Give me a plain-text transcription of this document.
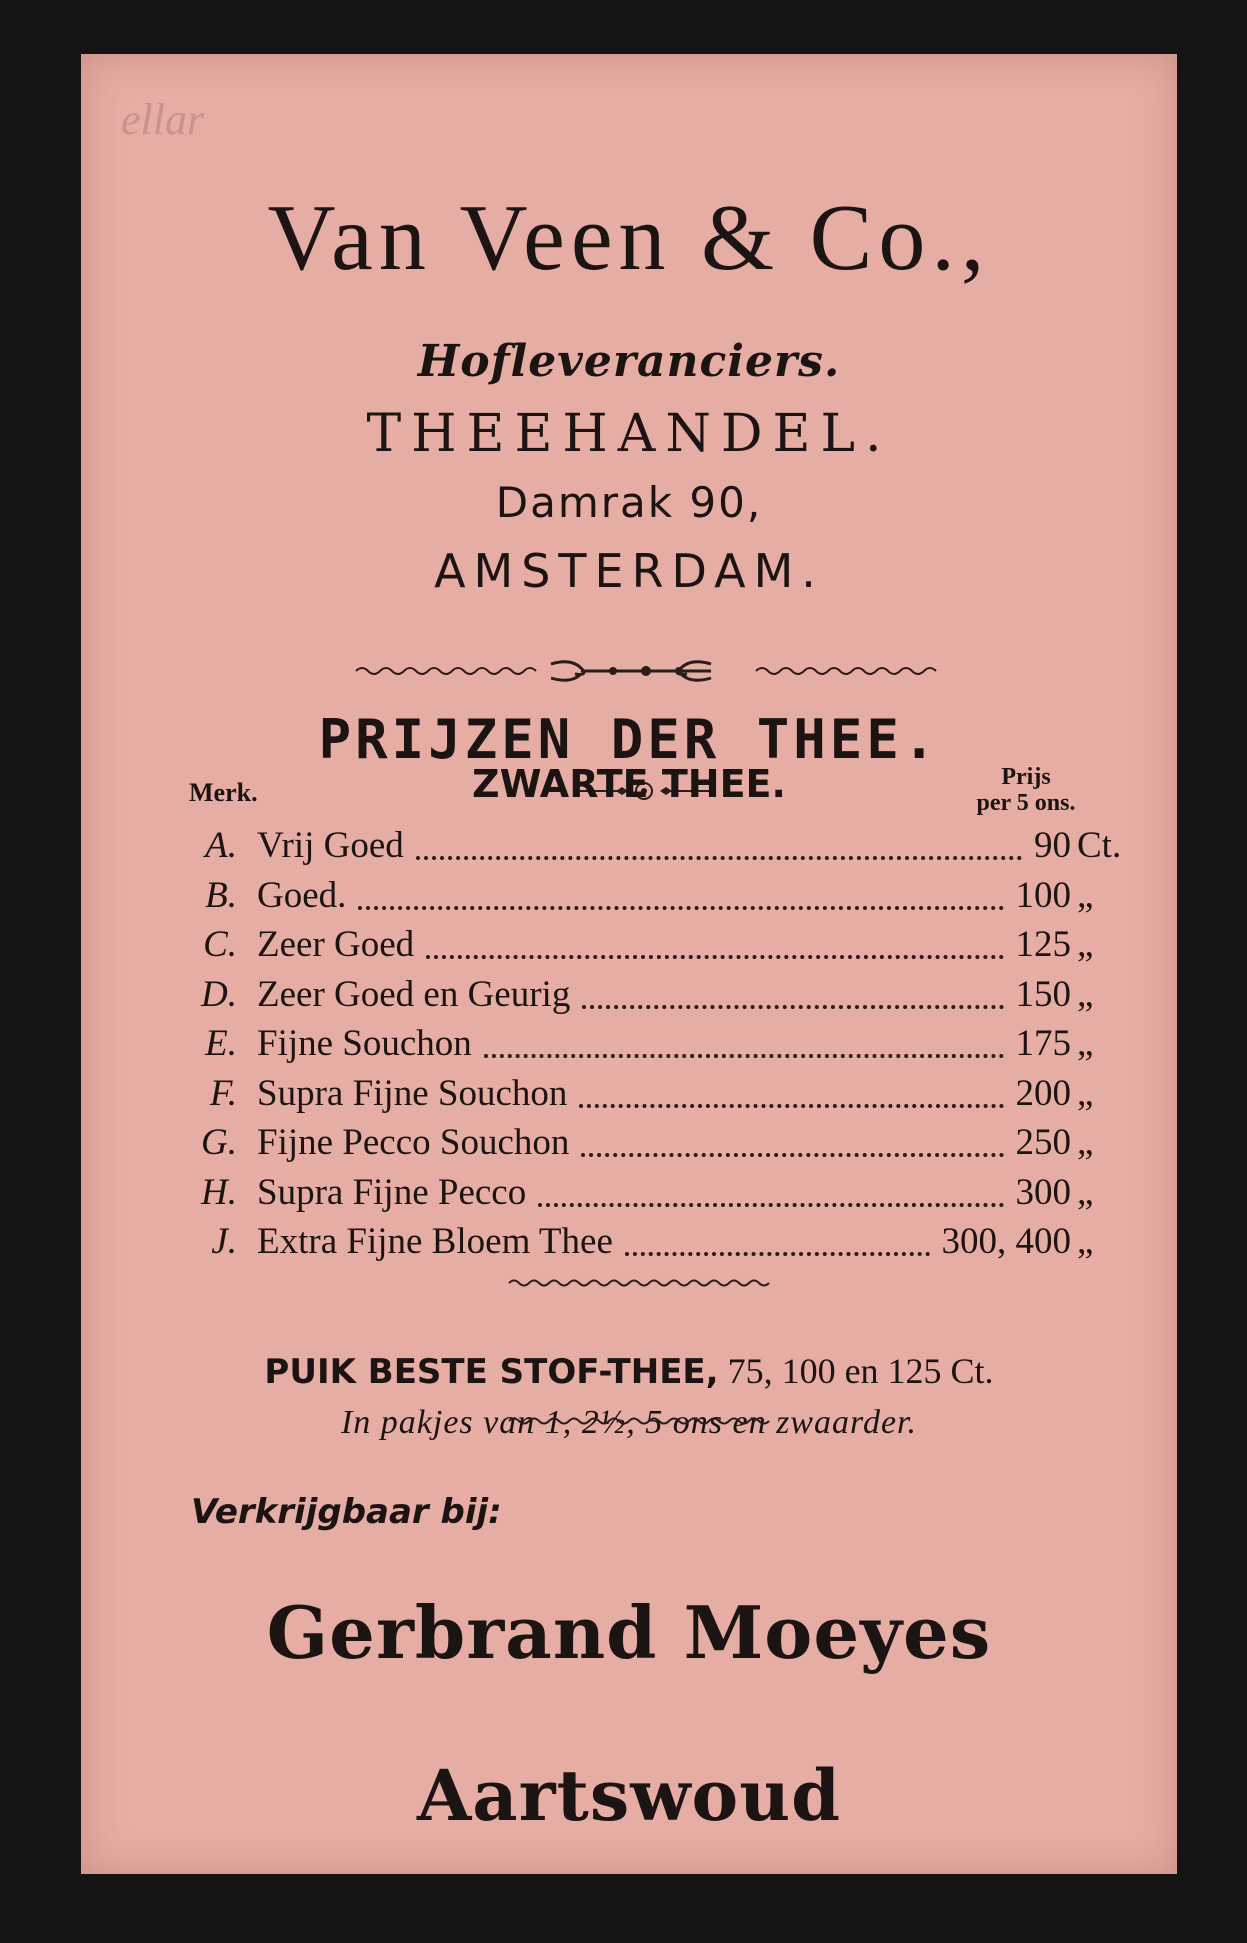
ellar
Van Veen & Co.,
Hofleveranciers.
THEEHANDEL.
Damrak 90,
AMSTERDAM.
PRIJZEN DER THEE.
Merk.	ZWARTE THEE.	Prijs
per 5 ons.
A. Vrij Goed	90 Ct.
B. Goed.	100 „
C. Zeer Goed	125 „
D. Zeer Goed en Geurig	150 „
E. Fijne Souchon	175 „
F. Supra Fijne Souchon	200 „
G. Fijne Pecco Souchon	250 „
H. Supra Fijne Pecco	300 „
J. Extra Fijne Bloem Thee	300, 400 „
PUIK BESTE STOF-THEE, 75, 100 en 125 Ct.
In pakjes van 1, 2½, 5 ons en zwaarder.
Verkrijgbaar bij:
Gerbrand Moeyes
Aartswoud
